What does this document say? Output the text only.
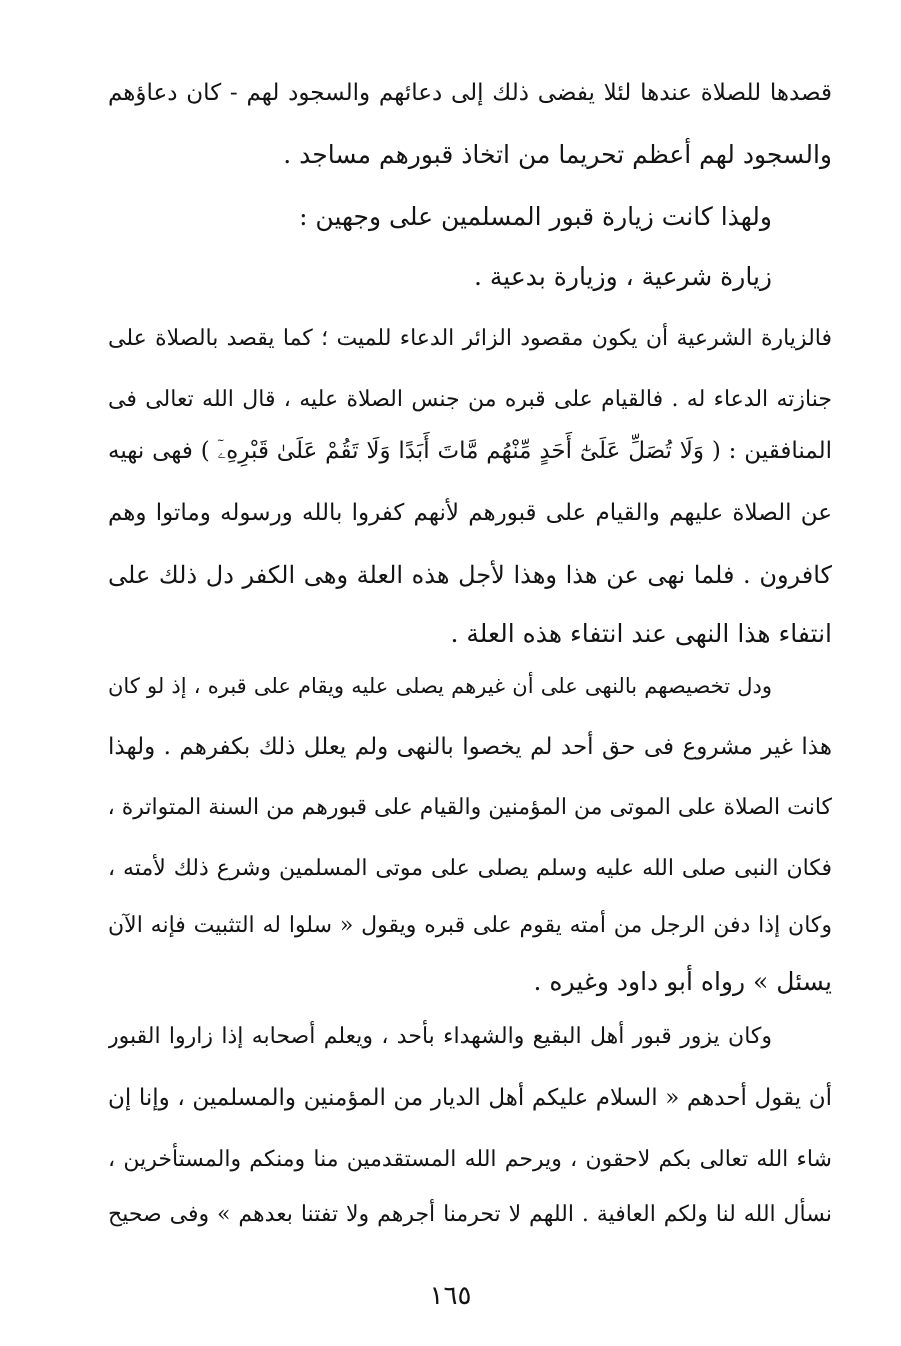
قصدها للصلاة عندها لئلا يفضى ذلك إلى دعائهم والسجود لهم - كان دعاؤهم
والسجود لهم أعظم تحريما من اتخاذ قبورهم مساجد .
ولهذا كانت زيارة قبور المسلمين على وجهين :
زيارة شرعية ، وزيارة بدعية .
فالزيارة الشرعية أن يكون مقصود الزائر الدعاء للميت ؛ كما يقصد بالصلاة على
جنازته الدعاء له . فالقيام على قبره من جنس الصلاة عليه ، قال الله تعالى فى
المنافقين : ( وَلَا تُصَلِّ عَلَىٰٓ أَحَدٍ مِّنْهُم مَّاتَ أَبَدًا وَلَا تَقُمْ عَلَىٰ قَبْرِهِۦٓ ) فهى نهيه
عن الصلاة عليهم والقيام على قبورهم لأنهم كفروا بالله ورسوله وماتوا وهم
كافرون . فلما نهى عن هذا وهذا لأجل هذه العلة وهى الكفر دل ذلك على
انتفاء هذا النهى عند انتفاء هذه العلة .
ودل تخصيصهم بالنهى على أن غيرهم يصلى عليه ويقام على قبره ، إذ لو كان
هذا غير مشروع فى حق أحد لم يخصوا بالنهى ولم يعلل ذلك بكفرهم . ولهذا
كانت الصلاة على الموتى من المؤمنين والقيام على قبورهم من السنة المتواترة ،
فكان النبى صلى الله عليه وسلم يصلى على موتى المسلمين وشرع ذلك لأمته ،
وكان إذا دفن الرجل من أمته يقوم على قبره ويقول « سلوا له التثبيت فإنه الآن
يسئل » رواه أبو داود وغيره .
وكان يزور قبور أهل البقيع والشهداء بأحد ، ويعلم أصحابه إذا زاروا القبور
أن يقول أحدهم « السلام عليكم أهل الديار من المؤمنين والمسلمين ، وإنا إن
شاء الله تعالى بكم لاحقون ، ويرحم الله المستقدمين منا ومنكم والمستأخرين ،
نسأل الله لنا ولكم العافية . اللهم لا تحرمنا أجرهم ولا تفتنا بعدهم » وفى صحيح
١٦٥
